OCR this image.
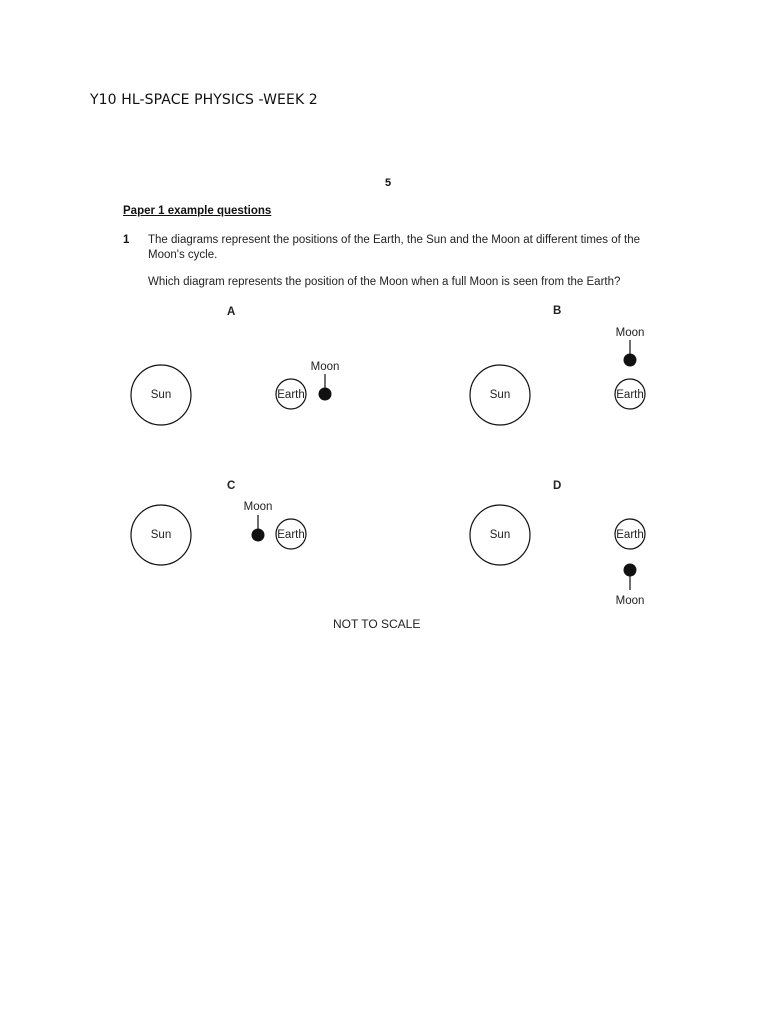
Y10 HL-SPACE PHYSICS -WEEK 2
5
Paper 1 example questions
1 The diagrams represent the positions of the Earth, the Sun and the Moon at different times of the Moon's cycle.
Which diagram represents the position of the Moon when a full Moon is seen from the Earth?
A
Sun	Earth
Moon
B
Sun	Earth
Moon
C
Sun	Earth
Moon
D
Sun	Earth
Moon
NOT TO SCALE
